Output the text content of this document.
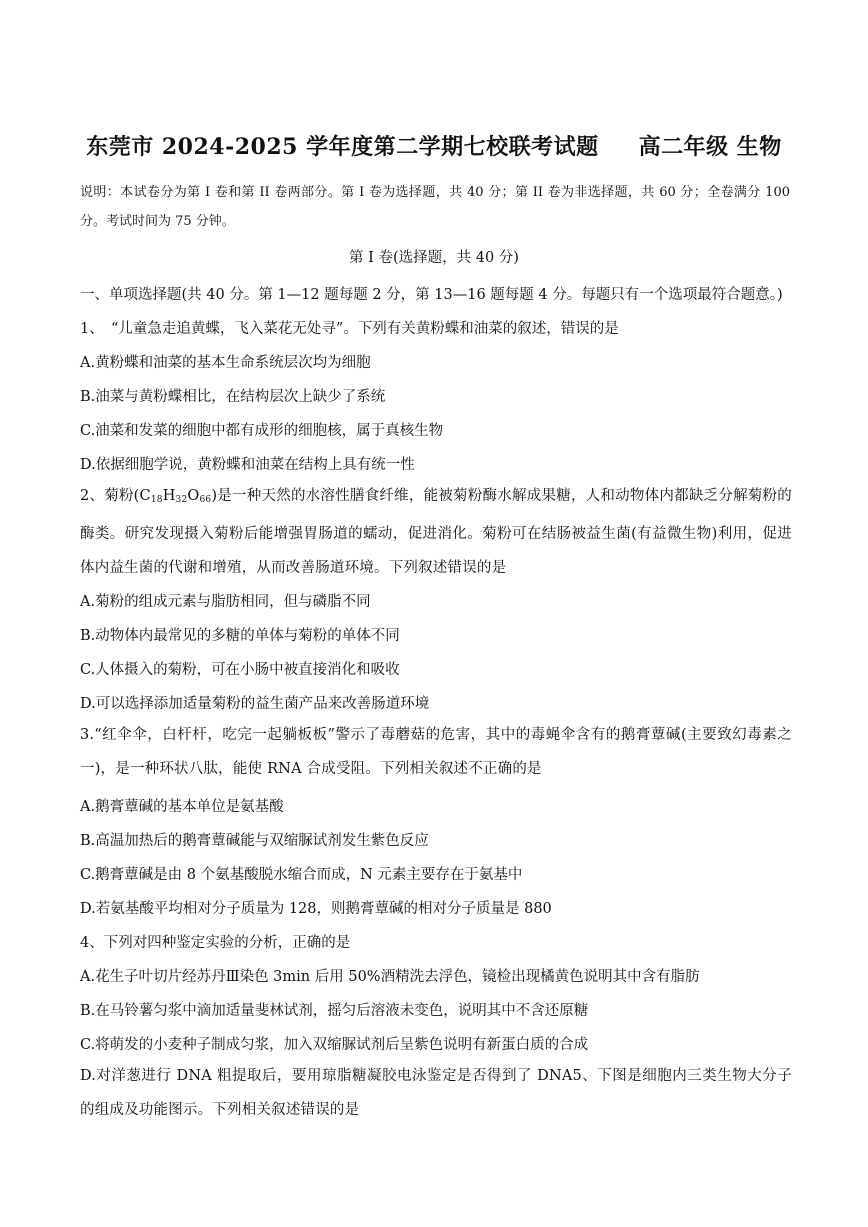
东莞市 2024-2025 学年度第二学期七校联考试题 高二年级 生物
说明：本试卷分为第 I 卷和第 II 卷两部分。第 I 卷为选择题，共 40 分；第 II 卷为非选择题，共 60 分；全卷满分 100 分。考试时间为 75 分钟。
第 I 卷(选择题，共 40 分)
一、单项选择题(共 40 分。第 1—12 题每题 2 分，第 13—16 题每题 4 分。每题只有一个选项最符合题意。)
1、　“儿童急走追黄蝶，飞入菜花无处寻”。下列有关黄粉蝶和油菜的叙述，错误的是
A.黄粉蝶和油菜的基本生命系统层次均为细胞
B.油菜与黄粉蝶相比，在结构层次上缺少了系统
C.油菜和发菜的细胞中都有成形的细胞核，属于真核生物
D.依据细胞学说，黄粉蝶和油菜在结构上具有统一性
2、菊粉$(C_{18}H_{32}O_{66})$是一种天然的水溶性膳食纤维，能被菊粉酶水解成果糖，人和动物体内都缺乏分解菊粉的酶类。研究发现摄入菊粉后能增强胃肠道的蠕动，促进消化。菊粉可在结肠被益生菌(有益微生物)利用，促进体内益生菌的代谢和增殖，从而改善肠道环境。下列叙述错误的是
A.菊粉的组成元素与脂肪相同，但与磷脂不同
B.动物体内最常见的多糖的单体与菊粉的单体不同
C.人体摄入的菊粉，可在小肠中被直接消化和吸收
D.可以选择添加适量菊粉的益生菌产品来改善肠道环境
3.“红伞伞，白杆杆，吃完一起躺板板”警示了毒蘑菇的危害，其中的毒蝇伞含有的鹅膏蕈碱(主要致幻毒素之一)，是一种环状八肽，能使 RNA 合成受阻。下列相关叙述不正确的是
A.鹅膏蕈碱的基本单位是氨基酸
B.高温加热后的鹅膏蕈碱能与双缩脲试剂发生紫色反应
C.鹅膏蕈碱是由 8 个氨基酸脱水缩合而成，N 元素主要存在于氨基中
D.若氨基酸平均相对分子质量为 128，则鹅膏蕈碱的相对分子质量是 880
4、下列对四种鉴定实验的分析，正确的是
A.花生子叶切片经苏丹Ⅲ染色 3min 后用 50%酒精洗去浮色，镜检出现橘黄色说明其中含有脂肪
B.在马铃薯匀浆中滴加适量斐林试剂，摇匀后溶液未变色，说明其中不含还原糖
C.将萌发的小麦种子制成匀浆，加入双缩脲试剂后呈紫色说明有新蛋白质的合成
D.对洋葱进行 DNA 粗提取后，要用琼脂糖凝胶电泳鉴定是否得到了 DNA5、下图是细胞内三类生物大分子的组成及功能图示。下列相关叙述错误的是
